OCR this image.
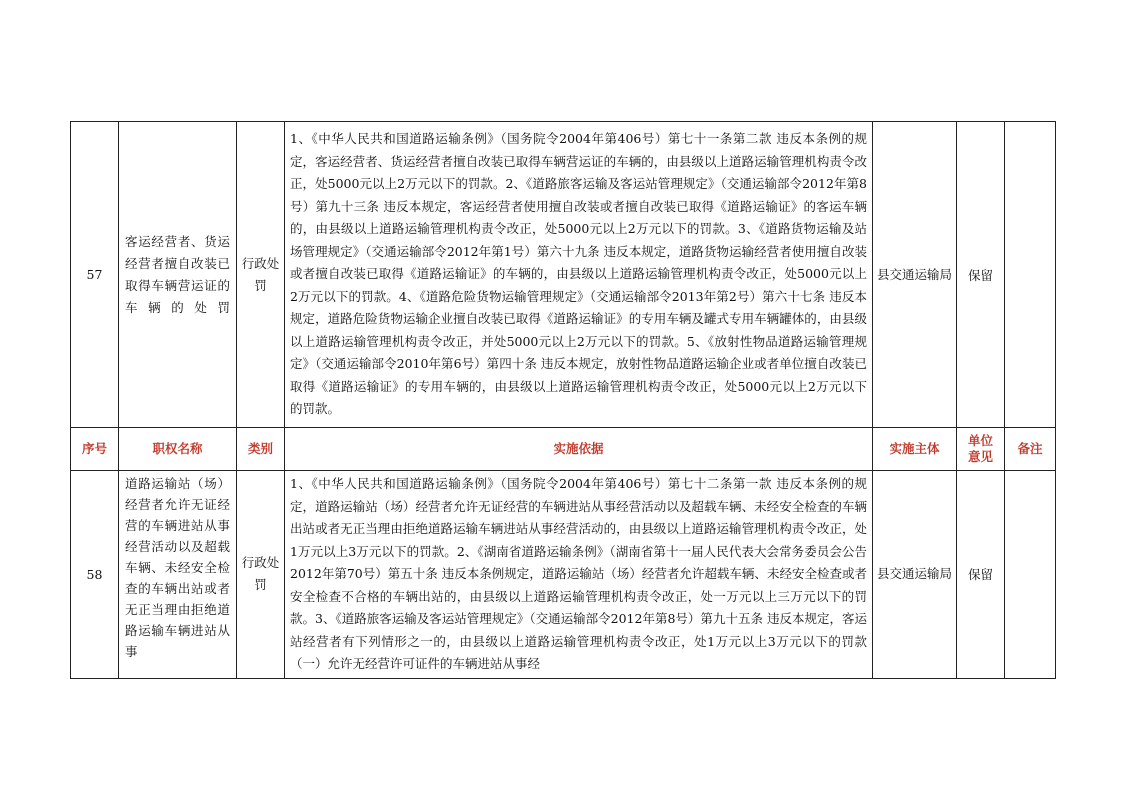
57	客运经营者、货运经营者擅自改装已取得车辆营运证的车辆的处罚	行政处罚	1、《中华人民共和国道路运输条例》（国务院令2004年第406号）第七十一条第二款 违反本条例的规定，客运经营者、货运经营者擅自改装已取得车辆营运证的车辆的，由县级以上道路运输管理机构责令改正，处5000元以上2万元以下的罚款。2、《道路旅客运输及客运站管理规定》（交通运输部令2012年第8号）第九十三条 违反本规定，客运经营者使用擅自改装或者擅自改装已取得《道路运输证》的客运车辆的，由县级以上道路运输管理机构责令改正，处5000元以上2万元以下的罚款。3、《道路货物运输及站场管理规定》（交通运输部令2012年第1号）第六十九条 违反本规定，道路货物运输经营者使用擅自改装或者擅自改装已取得《道路运输证》的车辆的，由县级以上道路运输管理机构责令改正，处5000元以上2万元以下的罚款。4、《道路危险货物运输管理规定》（交通运输部令2013年第2号）第六十七条 违反本规定，道路危险货物运输企业擅自改装已取得《道路运输证》的专用车辆及罐式专用车辆罐体的，由县级以上道路运输管理机构责令改正，并处5000元以上2万元以下的罚款。5、《放射性物品道路运输管理规定》（交通运输部令2010年第6号）第四十条 违反本规定，放射性物品道路运输企业或者单位擅自改装已取得《道路运输证》的专用车辆的，由县级以上道路运输管理机构责令改正，处5000元以上2万元以下的罚款。	县交通运输局	保留	
序号	职权名称	类别	实施依据	实施主体	单位意见	备注
58	道路运输站（场）经营者允许无证经营的车辆进站从事经营活动以及超载车辆、未经安全检查的车辆出站或者无正当理由拒绝道路运输车辆进站从事	行政处罚	1、《中华人民共和国道路运输条例》（国务院令2004年第406号）第七十二条第一款 违反本条例的规定，道路运输站（场）经营者允许无证经营的车辆进站从事经营活动以及超载车辆、未经安全检查的车辆出站或者无正当理由拒绝道路运输车辆进站从事经营活动的，由县级以上道路运输管理机构责令改正，处1万元以上3万元以下的罚款。2、《湖南省道路运输条例》（湖南省第十一届人民代表大会常务委员会公告2012年第70号）第五十条 违反本条例规定，道路运输站（场）经营者允许超载车辆、未经安全检查或者安全检查不合格的车辆出站的，由县级以上道路运输管理机构责令改正，处一万元以上三万元以下的罚款。3、《道路旅客运输及客运站管理规定》（交通运输部令2012年第8号）第九十五条 违反本规定，客运站经营者有下列情形之一的，由县级以上道路运输管理机构责令改正，处1万元以上3万元以下的罚款 （一）允许无经营许可证件的车辆进站从事经	县交通运输局	保留	
